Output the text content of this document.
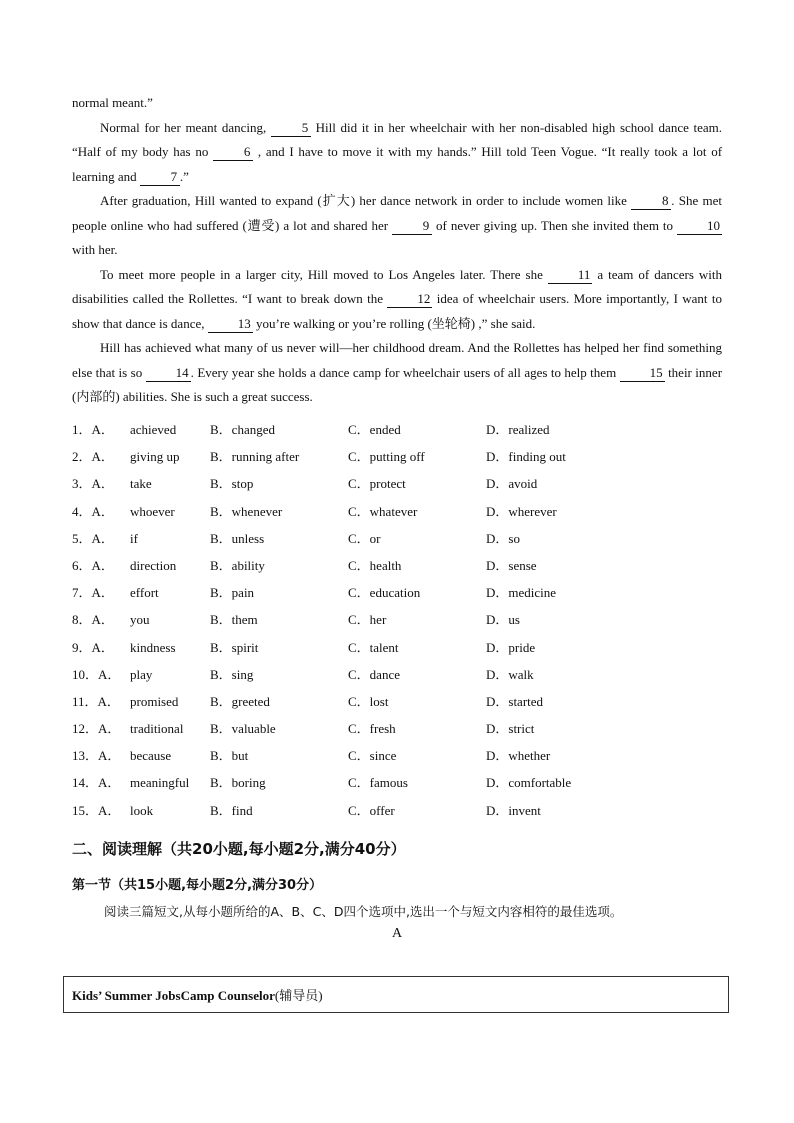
normal meant.”

Normal for her meant dancing,	5 Hill did it in her wheelchair with her non-disabled high school dance team. “Half of my body has no	6 , and I have to move it with my hands.” Hill told Teen Vogue. “It really took a lot of learning and	7 .”

After graduation, Hill wanted to expand (扩大) her dance network in order to include women like	8 . She met people online who had suffered (遭受) a lot and shared her	9 of never giving up. Then she invited them to	10 with her.

To meet more people in a larger city, Hill moved to Los Angeles later. There she	11 a team of dancers with disabilities called the Rollettes. “I want to break down the	12 idea of wheelchair users. More importantly, I want to show that dance is dance,	13 you’re walking or you’re rolling (坐轮椅) ,” she said.

Hill has achieved what many of us never will—her childhood dream. And the Rollettes has helped her find something else that is so	14 . Every year she holds a dance camp for wheelchair users of all ages to help them	15 their inner (内部的) abilities. She is such a great success.

1．A．	achieved	B．changed	C．ended	D．realized
2．A．	giving up	B．running after	C．putting off	D．finding out
3．A．	take	B．stop	C．protect	D．avoid
4．A．	whoever	B．whenever	C．whatever	D．wherever
5．A．	if	B．unless	C．or	D．so
6．A．	direction	B．ability	C．health	D．sense
7．A．	effort	B．pain	C．education	D．medicine
8．A．	you	B．them	C．her	D．us
9．A．	kindness	B．spirit	C．talent	D．pride
10．A． play	B．sing	C．dance	D．walk
11．A． promised	B．greeted	C．lost	D．started
12．A． traditional	B．valuable	C．fresh	D．strict
13．A． because	B．but	C．since	D．whether
14．A． meaningful	B．boring	C．famous	D．comfortable
15．A． look	B．find	C．offer	D．invent
二、阅读理解（共20小题,每小题2分,满分40分）
第一节（共15小题,每小题2分,满分30分）
阅读三篇短文,从每小题所给的A、B、C、D四个选项中,选出一个与短文内容相符的最佳选项。
A
Kids’ Summer JobsCamp Counselor(辅导员)
